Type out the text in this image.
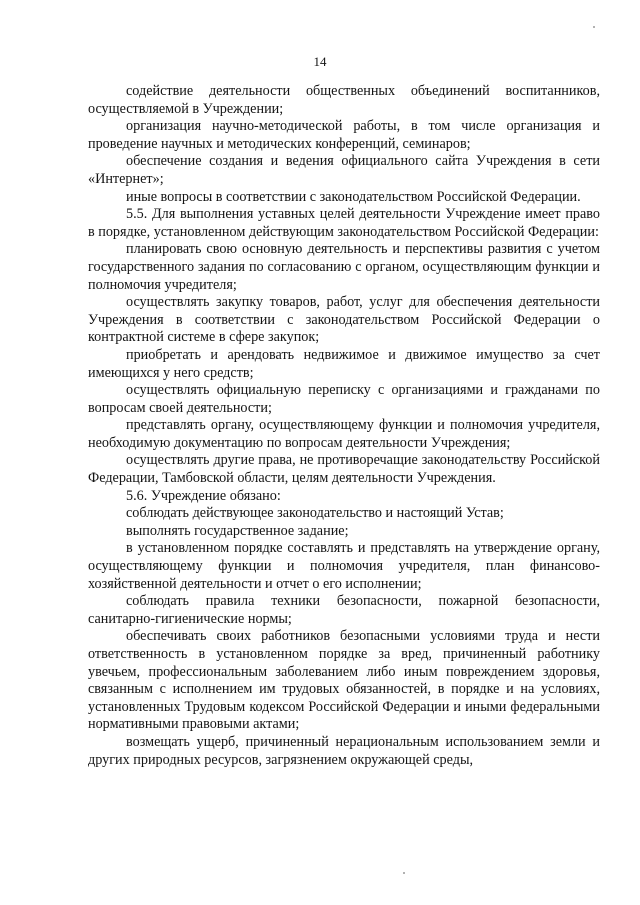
14

содействие деятельности общественных объединений воспитанников, осуществляемой в Учреждении;

организация научно-методической работы, в том числе организация и проведение научных и методических конференций, семинаров;

обеспечение создания и ведения официального сайта Учреждения в сети «Интернет»;

иные вопросы в соответствии с законодательством Российской Федерации.

5.5. Для выполнения уставных целей деятельности Учреждение имеет право в порядке, установленном действующим законодательством Российской Федерации:

планировать свою основную деятельность и перспективы развития с учетом государственного задания по согласованию с органом, осуществляющим функции и полномочия учредителя;

осуществлять закупку товаров, работ, услуг для обеспечения деятельности Учреждения в соответствии с законодательством Российской Федерации о контрактной системе в сфере закупок;

приобретать и арендовать недвижимое и движимое имущество за счет имеющихся у него средств;

осуществлять официальную переписку с организациями и гражданами по вопросам своей деятельности;

представлять органу, осуществляющему функции и полномочия учредителя, необходимую документацию по вопросам деятельности Учреждения;

осуществлять другие права, не противоречащие законодательству Российской Федерации, Тамбовской области, целям деятельности Учреждения.

5.6. Учреждение обязано:

соблюдать действующее законодательство и настоящий Устав;

выполнять государственное задание;

в установленном порядке составлять и представлять на утверждение органу, осуществляющему функции и полномочия учредителя, план финансово-хозяйственной деятельности и отчет о его исполнении;

соблюдать правила техники безопасности, пожарной безопасности, санитарно-гигиенические нормы;

обеспечивать своих работников безопасными условиями труда и нести ответственность в установленном порядке за вред, причиненный работнику увечьем, профессиональным заболеванием либо иным повреждением здоровья, связанным с исполнением им трудовых обязанностей, в порядке и на условиях, установленных Трудовым кодексом Российской Федерации и иными федеральными нормативными правовыми актами;

возмещать ущерб, причиненный нерациональным использованием земли и других природных ресурсов, загрязнением окружающей среды,
